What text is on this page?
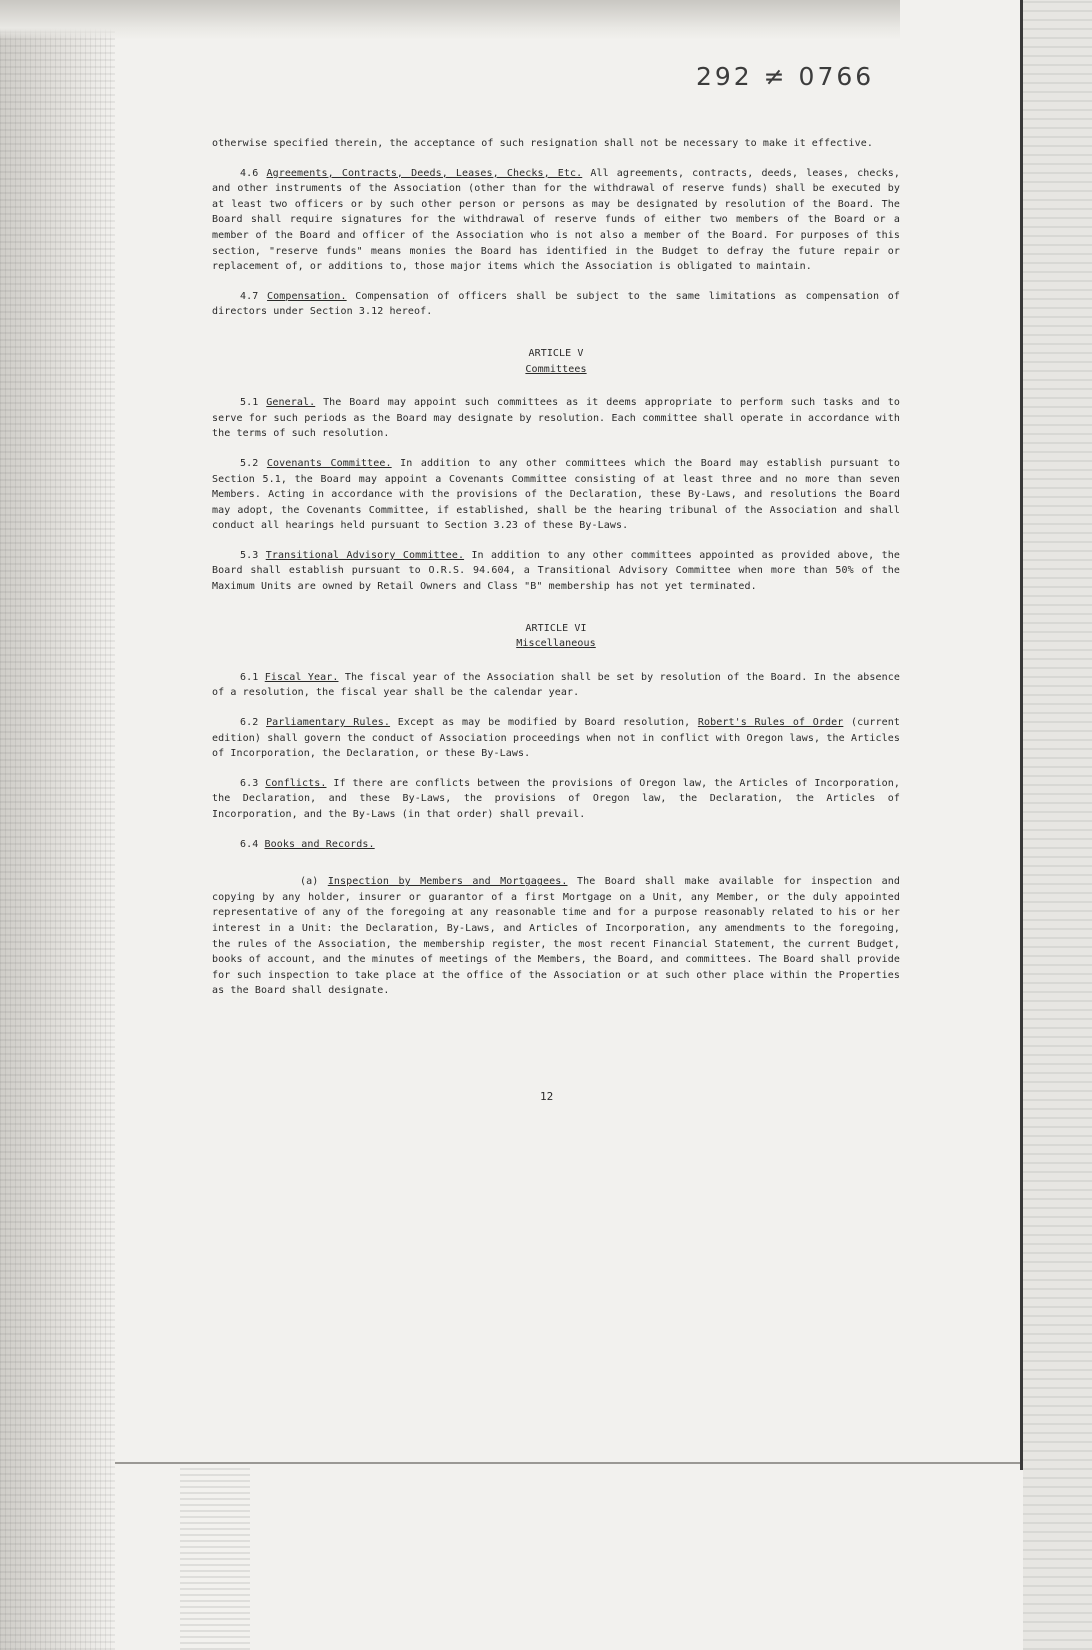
292 ≠ 0766

otherwise specified therein, the acceptance of such resignation shall not be necessary to make it effective.

4.6 Agreements, Contracts, Deeds, Leases, Checks, Etc. All agreements, contracts, deeds, leases, checks, and other instruments of the Association (other than for the withdrawal of reserve funds) shall be executed by at least two officers or by such other person or persons as may be designated by resolution of the Board. The Board shall require signatures for the withdrawal of reserve funds of either two members of the Board or a member of the Board and officer of the Association who is not also a member of the Board. For purposes of this section, "reserve funds" means monies the Board has identified in the Budget to defray the future repair or replacement of, or additions to, those major items which the Association is obligated to maintain.

4.7 Compensation. Compensation of officers shall be subject to the same limitations as compensation of directors under Section 3.12 hereof.

ARTICLE V
Committees

5.1 General. The Board may appoint such committees as it deems appropriate to perform such tasks and to serve for such periods as the Board may designate by resolution. Each committee shall operate in accordance with the terms of such resolution.

5.2 Covenants Committee. In addition to any other committees which the Board may establish pursuant to Section 5.1, the Board may appoint a Covenants Committee consisting of at least three and no more than seven Members. Acting in accordance with the provisions of the Declaration, these By-Laws, and resolutions the Board may adopt, the Covenants Committee, if established, shall be the hearing tribunal of the Association and shall conduct all hearings held pursuant to Section 3.23 of these By-Laws.

5.3 Transitional Advisory Committee. In addition to any other committees appointed as provided above, the Board shall establish pursuant to O.R.S. 94.604, a Transitional Advisory Committee when more than 50% of the Maximum Units are owned by Retail Owners and Class "B" membership has not yet terminated.

ARTICLE VI
Miscellaneous

6.1 Fiscal Year. The fiscal year of the Association shall be set by resolution of the Board. In the absence of a resolution, the fiscal year shall be the calendar year.

6.2 Parliamentary Rules. Except as may be modified by Board resolution, Robert's Rules of Order (current edition) shall govern the conduct of Association proceedings when not in conflict with Oregon laws, the Articles of Incorporation, the Declaration, or these By-Laws.

6.3 Conflicts. If there are conflicts between the provisions of Oregon law, the Articles of Incorporation, the Declaration, and these By-Laws, the provisions of Oregon law, the Declaration, the Articles of Incorporation, and the By-Laws (in that order) shall prevail.

6.4 Books and Records.

(a) Inspection by Members and Mortgagees. The Board shall make available for inspection and copying by any holder, insurer or guarantor of a first Mortgage on a Unit, any Member, or the duly appointed representative of any of the foregoing at any reasonable time and for a purpose reasonably related to his or her interest in a Unit: the Declaration, By-Laws, and Articles of Incorporation, any amendments to the foregoing, the rules of the Association, the membership register, the most recent Financial Statement, the current Budget, books of account, and the minutes of meetings of the Members, the Board, and committees. The Board shall provide for such inspection to take place at the office of the Association or at such other place within the Properties as the Board shall designate.

12
